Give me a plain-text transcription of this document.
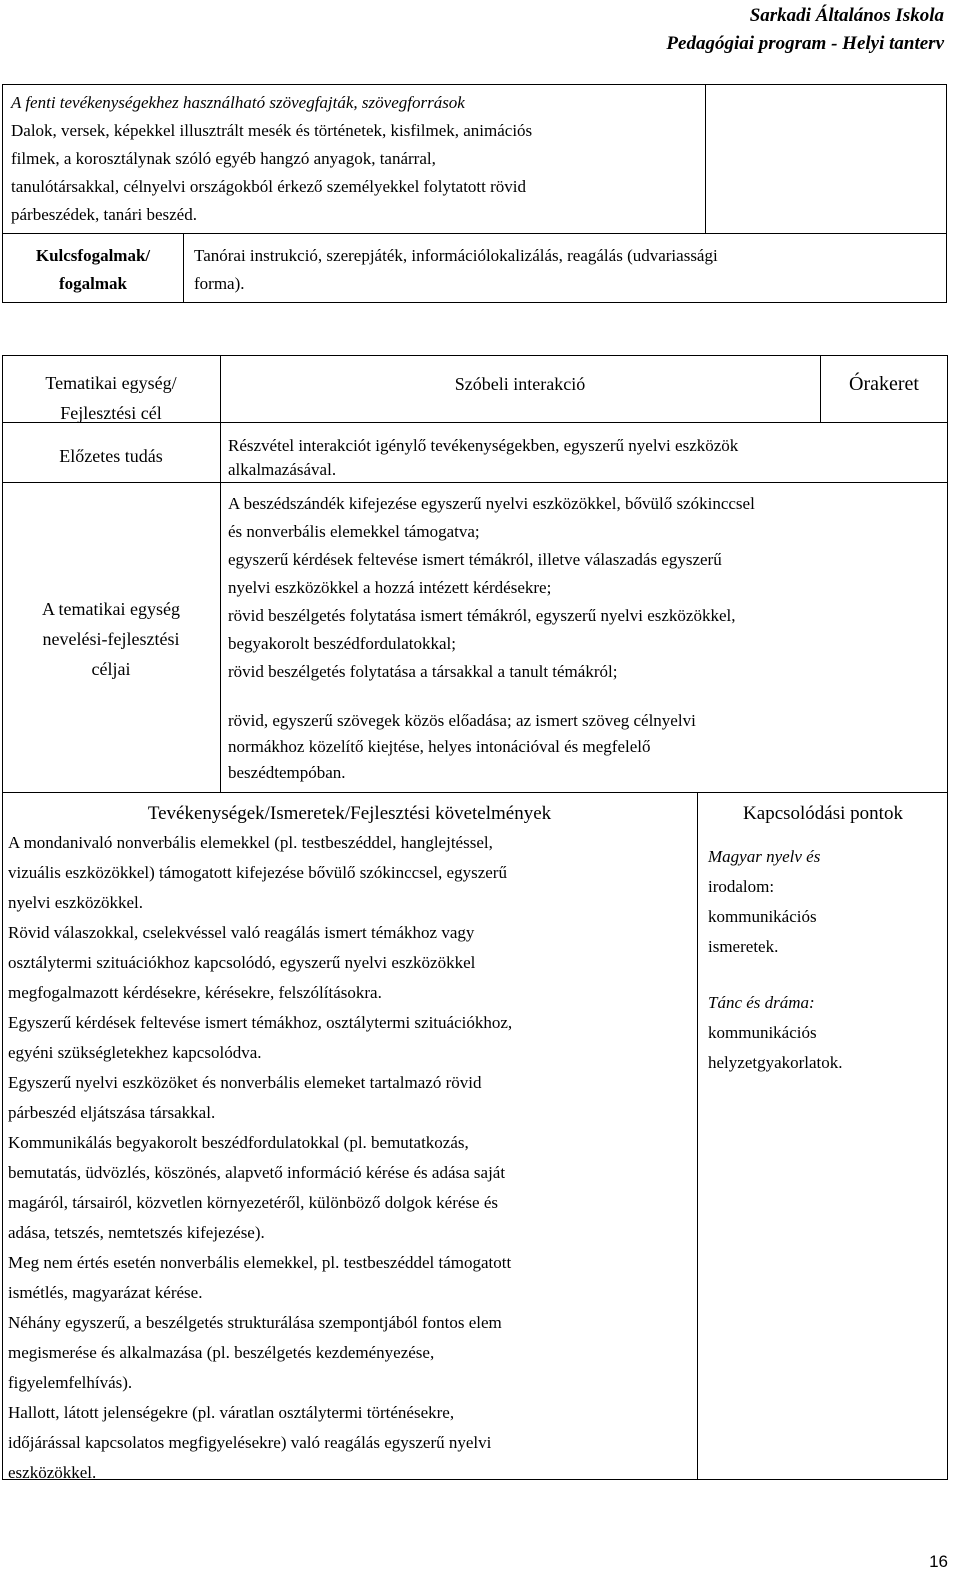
Sarkadi Általános Iskola
Pedagógiai program - Helyi tanterv
A fenti tevékenységekhez használható szövegfajták, szövegforrások
Dalok, versek, képekkel illusztrált mesék és történetek, kisfilmek, animációs
filmek, a korosztálynak szóló egyéb hangzó anyagok, tanárral,
tanulótársakkal, célnyelvi országokból érkező személyekkel folytatott rövid
párbeszédek, tanári beszéd.
Kulcsfogalmak/
fogalmak
Tanórai instrukció, szerepjáték, információlokalizálás, reagálás (udvariassági
forma).
Tematikai egység/
Fejlesztési cél
Szóbeli interakció	Órakeret
Előzetes tudás
Részvétel interakciót igénylő tevékenységekben, egyszerű nyelvi eszközök
alkalmazásával.
A tematikai egység
nevelési-fejlesztési
céljai
A beszédszándék kifejezése egyszerű nyelvi eszközökkel, bővülő szókinccsel
és nonverbális elemekkel támogatva;
egyszerű kérdések feltevése ismert témákról, illetve válaszadás egyszerű
nyelvi eszközökkel a hozzá intézett kérdésekre;
rövid beszélgetés folytatása ismert témákról, egyszerű nyelvi eszközökkel,
begyakorolt beszédfordulatokkal;
rövid beszélgetés folytatása a társakkal a tanult témákról;
rövid, egyszerű szövegek közös előadása; az ismert szöveg célnyelvi
normákhoz közelítő kiejtése, helyes intonációval és megfelelő
beszédtempóban.
Tevékenységek/Ismeretek/Fejlesztési követelmények	Kapcsolódási pontok
A mondanivaló nonverbális elemekkel (pl. testbeszéddel, hanglejtéssel,
vizuális eszközökkel) támogatott kifejezése bővülő szókinccsel, egyszerű
nyelvi eszközökkel.
Rövid válaszokkal, cselekvéssel való reagálás ismert témákhoz vagy
osztálytermi szituációkhoz kapcsolódó, egyszerű nyelvi eszközökkel
megfogalmazott kérdésekre, kérésekre, felszólításokra.
Egyszerű kérdések feltevése ismert témákhoz, osztálytermi szituációkhoz,
egyéni szükségletekhez kapcsolódva.
Egyszerű nyelvi eszközöket és nonverbális elemeket tartalmazó rövid
párbeszéd eljátszása társakkal.
Kommunikálás begyakorolt beszédfordulatokkal (pl. bemutatkozás,
bemutatás, üdvözlés, köszönés, alapvető információ kérése és adása saját
magáról, társairól, közvetlen környezetéről, különböző dolgok kérése és
adása, tetszés, nemtetszés kifejezése).
Meg nem értés esetén nonverbális elemekkel, pl. testbeszéddel támogatott
ismétlés, magyarázat kérése.
Néhány egyszerű, a beszélgetés strukturálása szempontjából fontos elem
megismerése és alkalmazása (pl. beszélgetés kezdeményezése,
figyelemfelhívás).
Hallott, látott jelenségekre (pl. váratlan osztálytermi történésekre,
időjárással kapcsolatos megfigyelésekre) való reagálás egyszerű nyelvi
eszközökkel.
Magyar nyelv és
irodalom:
kommunikációs
ismeretek.
Tánc és dráma:
kommunikációs
helyzetgyakorlatok.
16
